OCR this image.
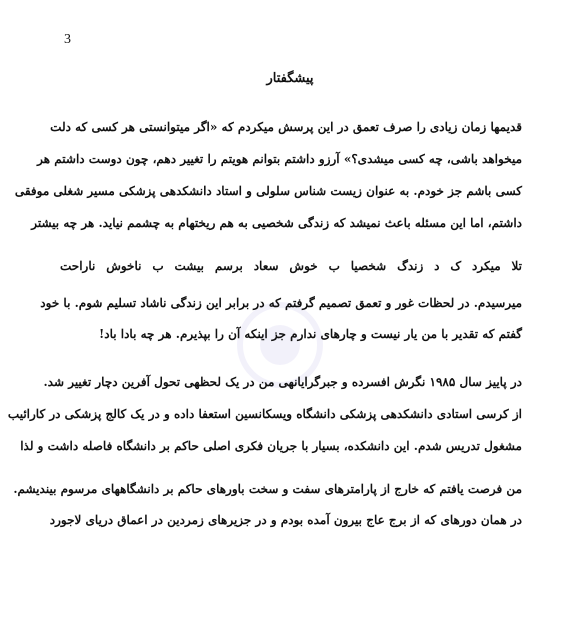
3
پیشگفتار
قدیمها زمان زیادی را صرف تعمق در این پرسش میکردم که «اگر میتوانستی هر کسی که دلت
میخواهد باشی، چه کسی میشدی؟» آرزو داشتم بتوانم هویتم را تغییر دهم، چون دوست داشتم هر
کسی باشم جز خودم. به عنوان زیست شناس سلولی و استاد دانشکدهی پزشکی مسیر شغلی موفقی
داشتم، اما این مسئله باعث نمیشد که زندگی شخصیی به هم ریختهام به چشمم نیاید. هر چه بیشتر
تلا میکرد ک د زندگ شخصیا ب خوش سعاد برسم بیشت ب ناخوش ناراحت
میرسیدم. در لحظات غور و تعمق تصمیم گرفتم که در برابر این زندگی ناشاد تسلیم شوم. با خود
گفتم که تقدیر با من یار نیست و چارهای ندارم جز اینکه آن را بپذیرم. هر چه بادا باد!
در پاییز سال ۱۹۸۵ نگرش افسرده و جبرگرایانهی من در یک لحظهی تحول آفرین دچار تغییر شد.
از کرسی استادی دانشکدهی پزشکی دانشگاه ویسکانسین استعفا داده و در یک کالج پزشکی در کارائیب
مشغول تدریس شدم. این دانشکده، بسیار با جریان فکری اصلی حاکم بر دانشگاه فاصله داشت و لذا
من فرصت یافتم که خارج از پارامترهای سفت و سخت باورهای حاکم بر دانشگاههای مرسوم بیندیشم.
در همان دورهای که از برج عاج بیرون آمده بودم و در جزیرهای زمردین در اعماق دریای لاجورد
